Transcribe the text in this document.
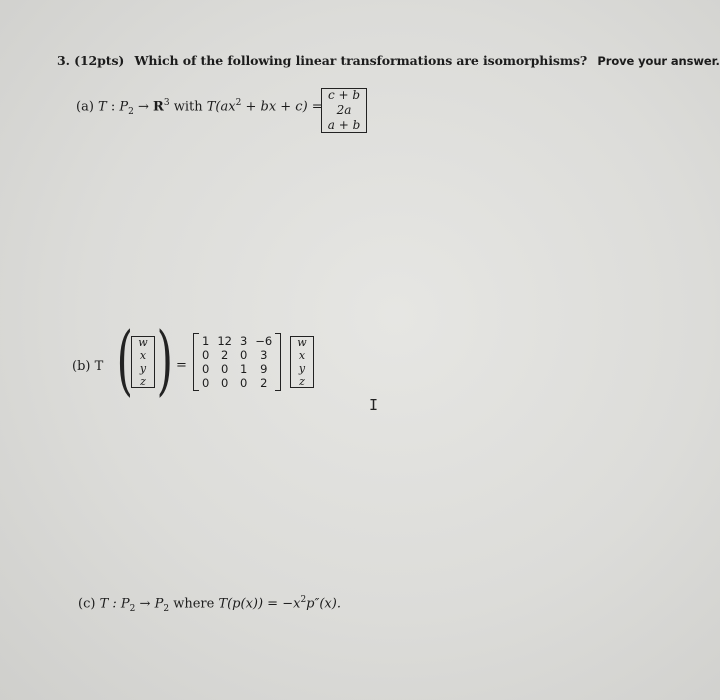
3. (12pts) Which of the following linear transformations are isomorphisms? Prove your answer.
(a) T : $P_2 \to R^3$ with $T(ax^2$ + bx + c) =
c + b
2a
a + b
(b) T ( w
x
y
z ) =
1	12	3	−6
0	2	0	3
0	0	1	9
0	0	0	2
w
x
y
z
I
(c) T : $P_2 \to P_2$ where $T(p(x)) = -x^2p''(x)$.
